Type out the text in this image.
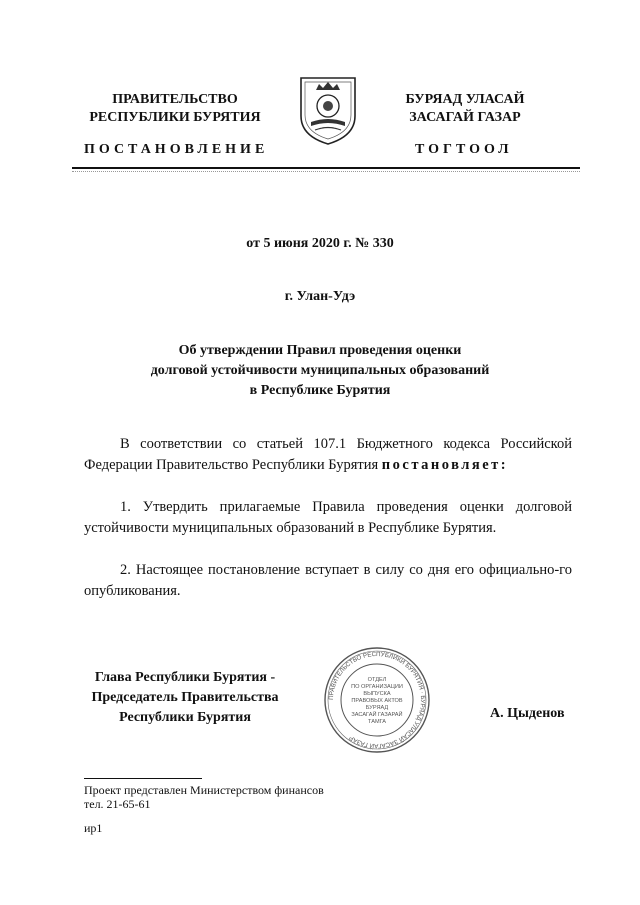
ПРАВИТЕЛЬСТВО
РЕСПУБЛИКИ БУРЯТИЯ
БУРЯАД УЛАСАЙ
ЗАСАГАЙ ГАЗАР
ПОСТАНОВЛЕНИЕ	ТОГТООЛ
от 5 июня 2020 г. № 330
г. Улан-Удэ
Об утверждении Правил проведения оценки
долговой устойчивости муниципальных образований
в Республике Бурятия
В соответствии со статьей 107.1 Бюджетного кодекса Российской Федерации Правительство Республики Бурятия постановляет:
1. Утвердить прилагаемые Правила проведения оценки долговой устойчивости муниципальных образований в Республике Бурятия.
2. Настоящее постановление вступает в силу со дня его официально-го опубликования.
Глава Республики Бурятия -
Председатель Правительства
Республики Бурятия
ПРАВИТЕЛЬСТВО РЕСПУБЛИКИ БУРЯТИЯ · БУРЯАД УЛАСАЙ ЗАСАГАЙ ГАЗАР
ОТДЕЛ
ПО ОРГАНИЗАЦИИ
ВЫПУСКА
ПРАВОВЫХ АКТОВ
БУРЯАД
ЗАСАГАЙ ГАЗАРАЙ
ТАМГА
А. Цыденов
Проект представлен Министерством финансов
тел. 21-65-61
ир1
